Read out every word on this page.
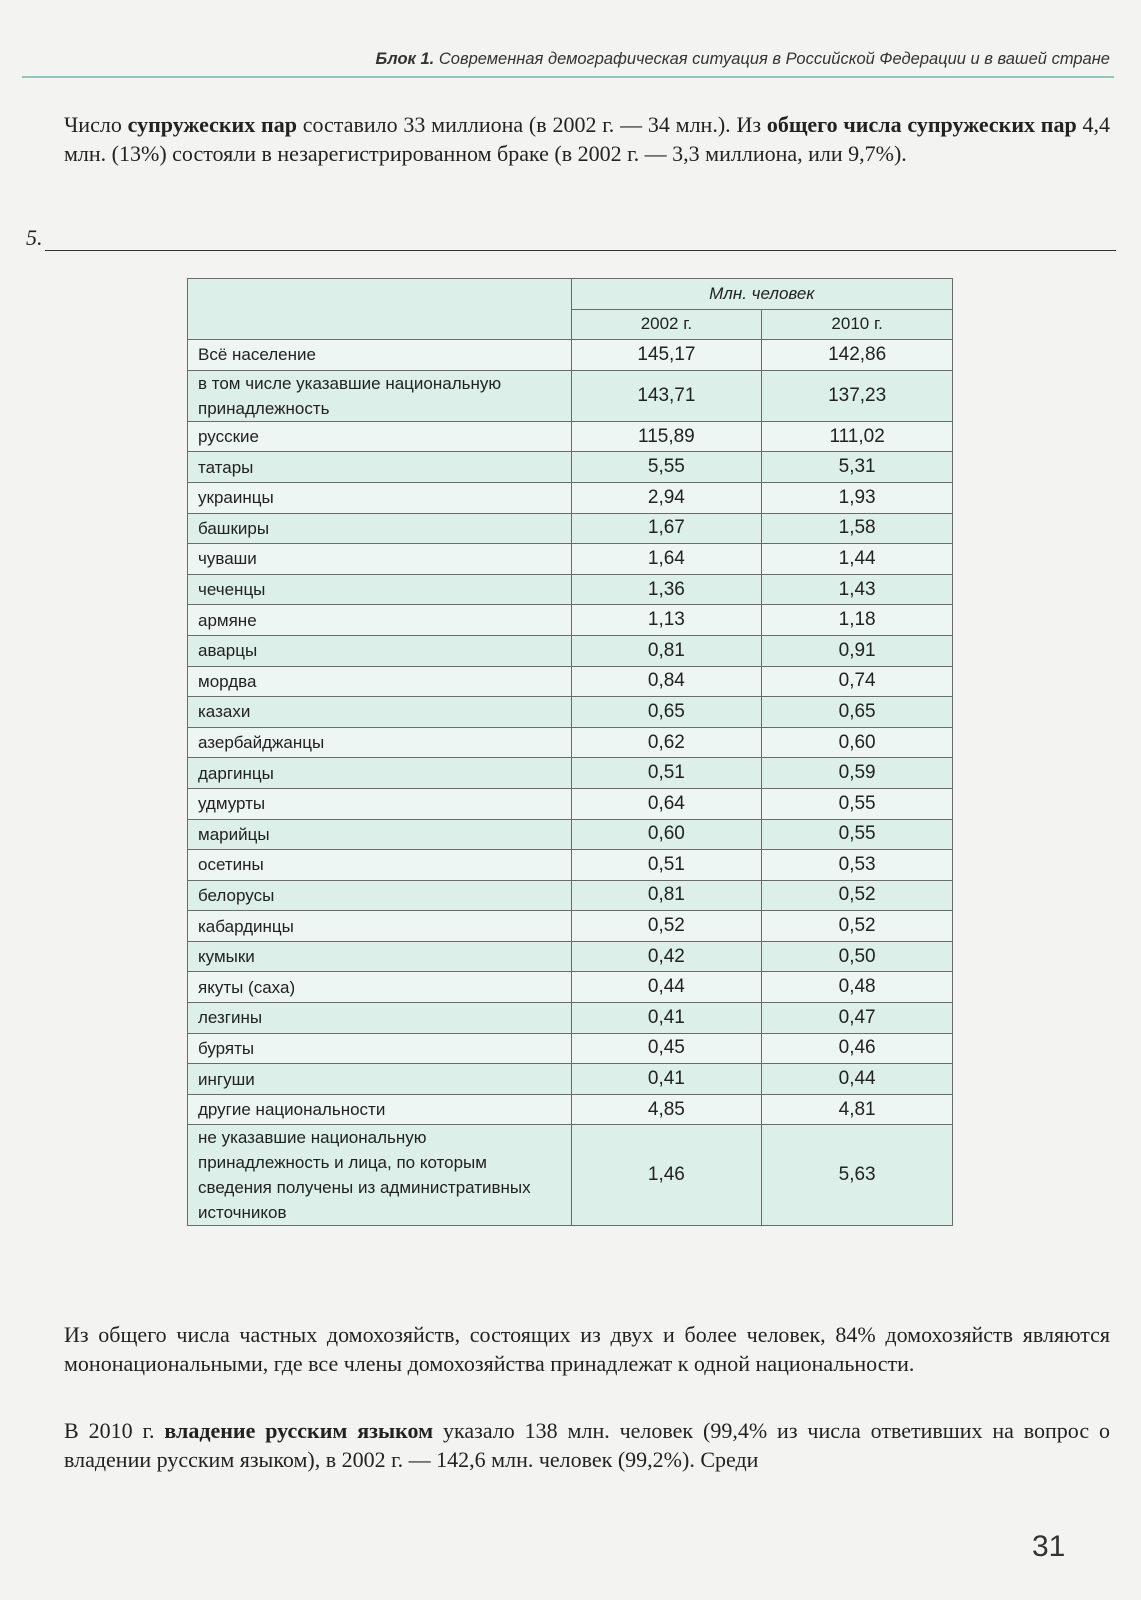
Блок 1. Современная демографическая ситуация в Российской Федерации и в вашей стране
Число супружеских пар составило 33 миллиона (в 2002 г. — 34 млн.). Из общего числа супружеских пар 4,4 млн. (13%) состояли в незарегистрированном браке (в 2002 г. — 3,3 миллиона, или 9,7%).
5.
	Млн. человек	
	2002 г.	2010 г.
Всё население	145,17	142,86
в том числе указавшие национальную принадлежность	143,71	137,23
русские	115,89	111,02
татары	5,55	5,31
украинцы	2,94	1,93
башкиры	1,67	1,58
чуваши	1,64	1,44
чеченцы	1,36	1,43
армяне	1,13	1,18
аварцы	0,81	0,91
мордва	0,84	0,74
казахи	0,65	0,65
азербайджанцы	0,62	0,60
даргинцы	0,51	0,59
удмурты	0,64	0,55
марийцы	0,60	0,55
осетины	0,51	0,53
белорусы	0,81	0,52
кабардинцы	0,52	0,52
кумыки	0,42	0,50
якуты (саха)	0,44	0,48
лезгины	0,41	0,47
буряты	0,45	0,46
ингуши	0,41	0,44
другие национальности	4,85	4,81
не указавшие национальную принадлежность и лица, по которым сведения получены из административных источников	1,46	5,63
Из общего числа частных домохозяйств, состоящих из двух и более человек, 84% домохозяйств являются мононациональными, где все члены домохозяйства принадлежат к одной национальности.
В 2010 г. владение русским языком указало 138 млн. человек (99,4% из числа ответивших на вопрос о владении русским языком), в 2002 г. — 142,6 млн. человек (99,2%). Среди
31
